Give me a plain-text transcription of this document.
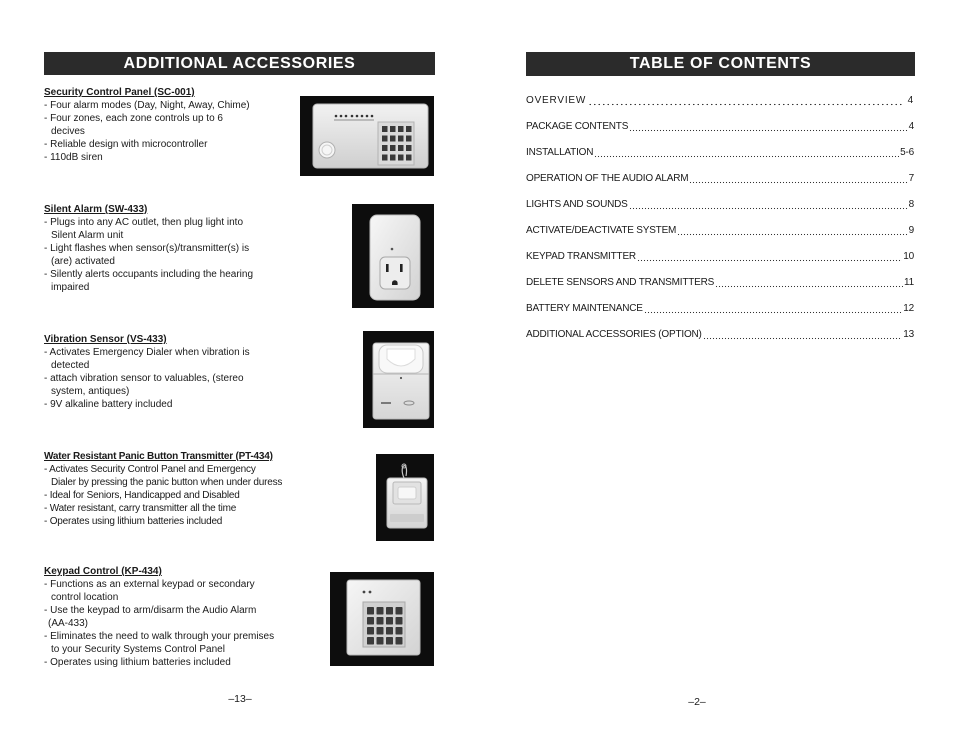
ADDITIONAL ACCESSORIES
Security Control Panel (SC-001)
- Four alarm modes (Day, Night, Away, Chime)
- Four zones, each zone controls up to 6
decives
- Reliable design with microcontroller
- 110dB siren
Silent Alarm (SW-433)
- Plugs into any AC outlet, then plug light into
Silent Alarm unit
- Light flashes when sensor(s)/transmitter(s) is
(are) activated
- Silently alerts occupants including the hearing
impaired
Vibration Sensor (VS-433)
- Activates Emergency Dialer when vibration is
detected
- attach vibration sensor to valuables, (stereo
system, antiques)
- 9V alkaline battery included
Water Resistant Panic Button Transmitter (PT-434)
- Activates Security Control Panel and Emergency
Dialer by pressing the panic button when under duress
- Ideal for Seniors, Handicapped and Disabled
- Water resistant, carry transmitter all the time
- Operates using lithium batteries included
Keypad Control (KP-434)
- Functions as an external keypad or secondary
control location
- Use the keypad to arm/disarm the Audio Alarm
(AA-433)
- Eliminates the need to walk through your premises
to your Security Systems Control Panel
- Operates using lithium batteries included
–13–
TABLE OF CONTENTS
OVERVIEW	4
PACKAGE CONTENTS	4
INSTALLATION	5-6
OPERATION OF THE AUDIO ALARM	7
LIGHTS AND SOUNDS	8
ACTIVATE/DEACTIVATE SYSTEM	9
KEYPAD TRANSMITTER	10
DELETE SENSORS AND TRANSMITTERS	11
BATTERY MAINTENANCE	12
ADDITIONAL ACCESSORIES (OPTION)	13
–2–
